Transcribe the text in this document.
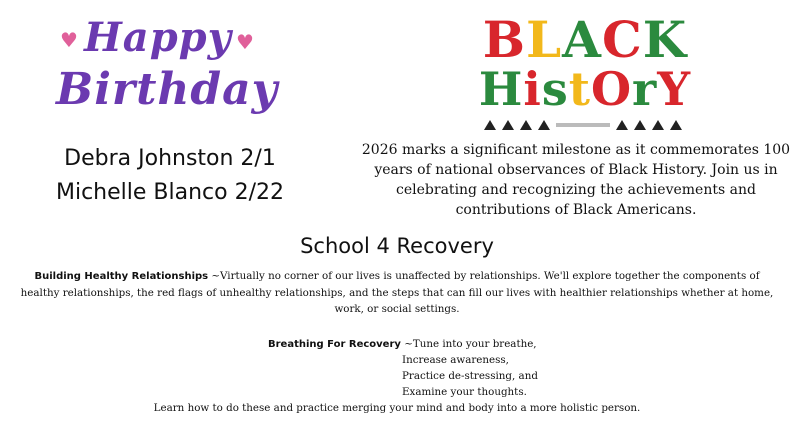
♥ Happy ♥
Birthday
Debra Johnston 2/1
Michelle Blanco 2/22
BLACK
HistOrY
2026 marks a significant milestone as it commemorates 100 years of national observances of Black History. Join us in celebrating and recognizing the achievements and contributions of Black Americans.
School 4 Recovery
Building Healthy Relationships ~Virtually no corner of our lives is unaffected by relationships. We'll explore together the components of healthy relationships, the red flags of unhealthy relationships, and the steps that can fill our lives with healthier relationships whether at home, work, or social settings.
Breathing For Recovery ~Tune into your breathe,
Increase awareness,
Practice de-stressing, and
Examine your thoughts.
Learn how to do these and practice merging your mind and body into a more holistic person.
